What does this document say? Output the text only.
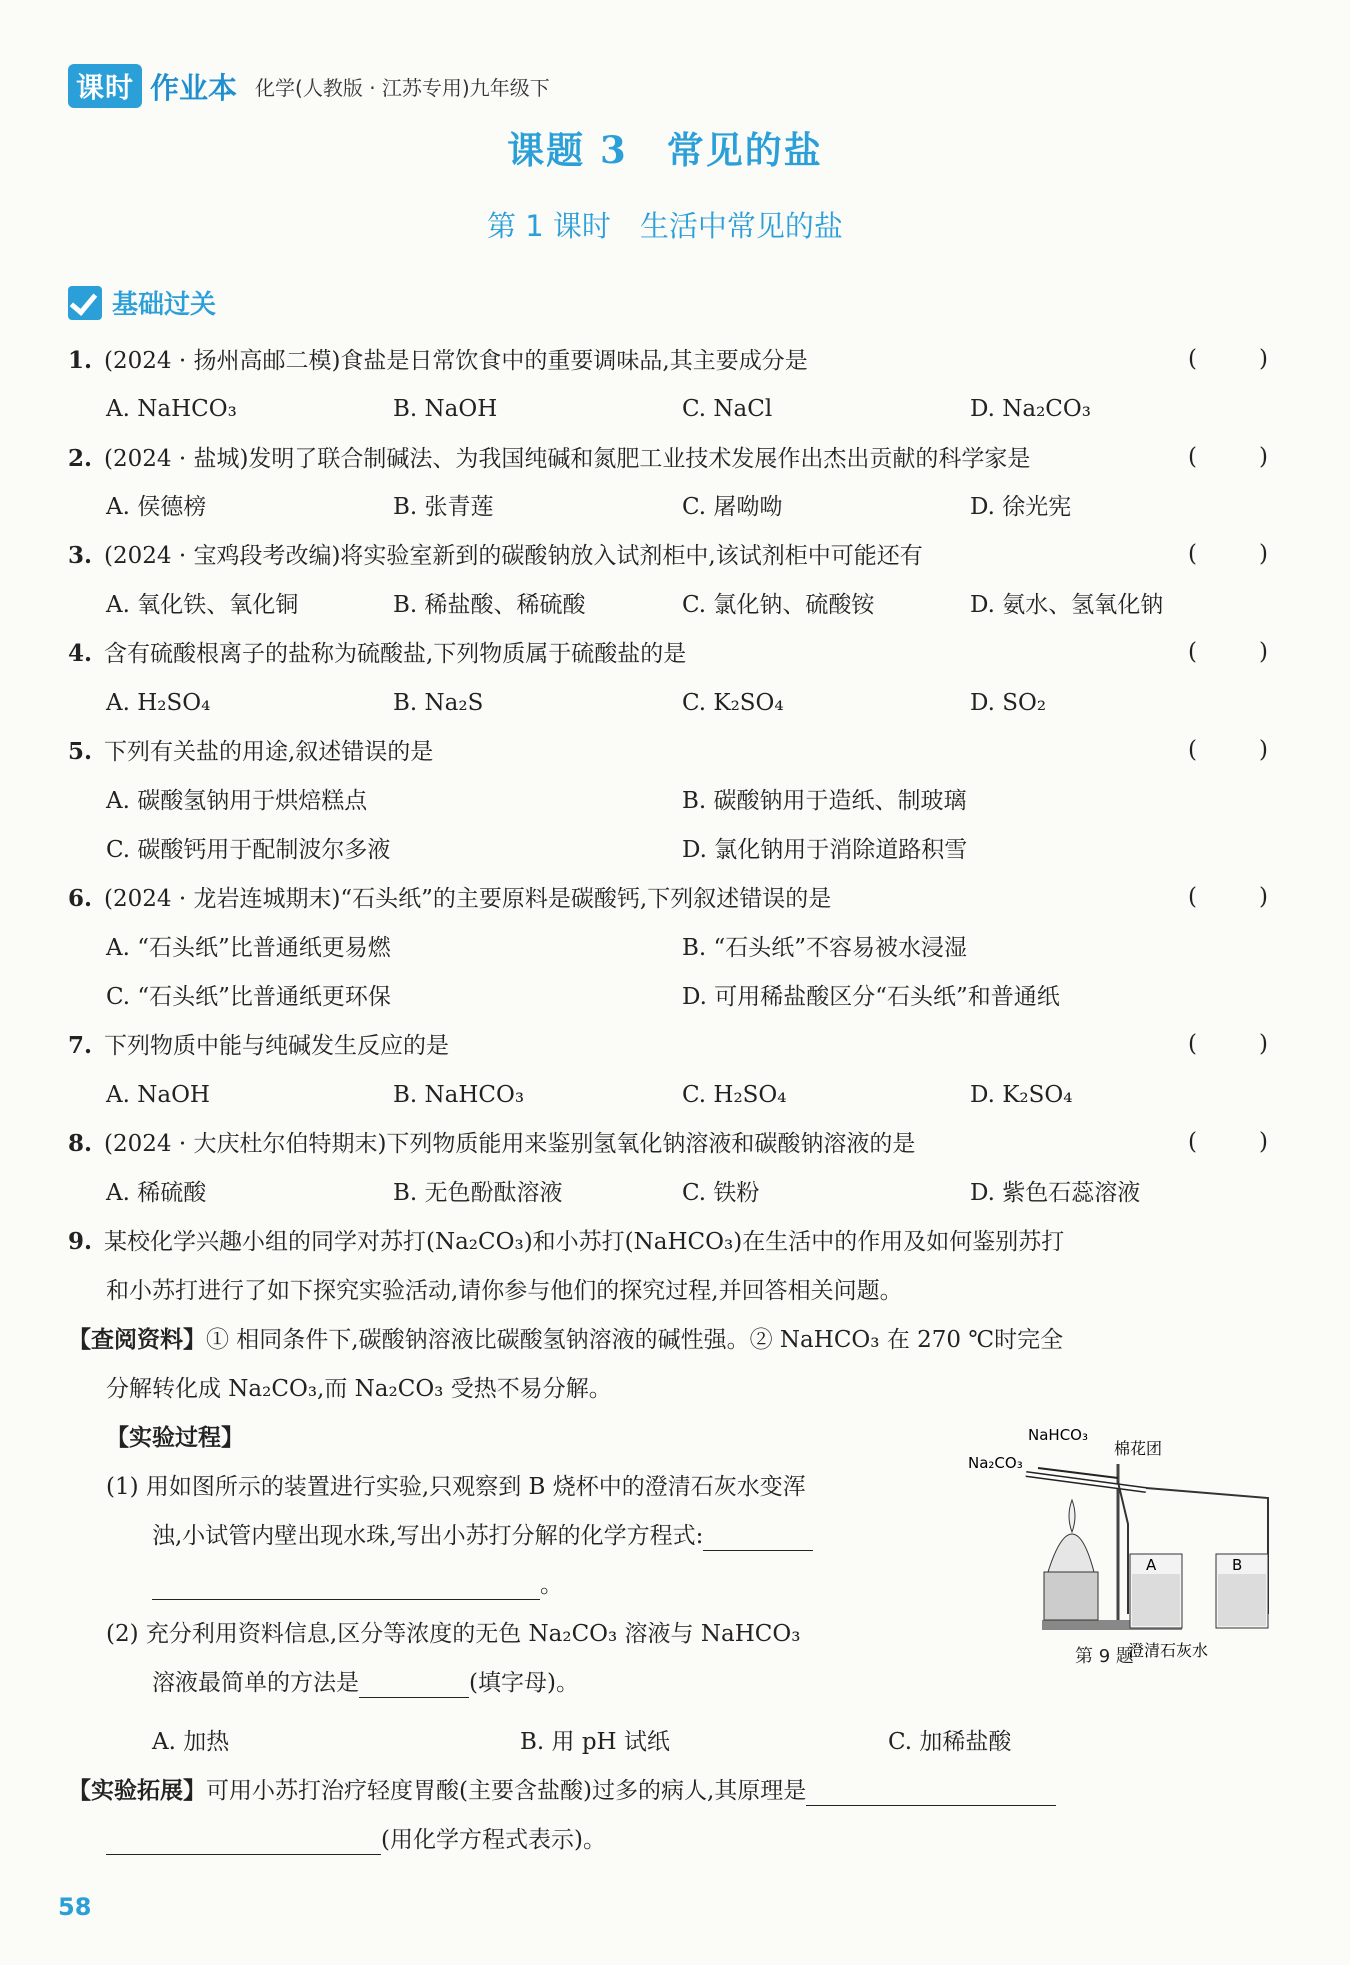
课时 作业本 化学(人教版 · 江苏专用)九年级下
课题 3　常见的盐
第 1 课时　生活中常见的盐
基础过关
1. (2024 · 扬州高邮二模)食盐是日常饮食中的重要调味品,其主要成分是
A. NaHCO₃	B. NaOH	C. NaCl	D. Na₂CO₃
2. (2024 · 盐城)发明了联合制碱法、为我国纯碱和氮肥工业技术发展作出杰出贡献的科学家是
A. 侯德榜	B. 张青莲	C. 屠呦呦	D. 徐光宪
3. (2024 · 宝鸡段考改编)将实验室新到的碳酸钠放入试剂柜中,该试剂柜中可能还有
A. 氧化铁、氧化铜	B. 稀盐酸、稀硫酸	C. 氯化钠、硫酸铵	D. 氨水、氢氧化钠
4. 含有硫酸根离子的盐称为硫酸盐,下列物质属于硫酸盐的是
A. H₂SO₄	B. Na₂S	C. K₂SO₄	D. SO₂
5. 下列有关盐的用途,叙述错误的是
A. 碳酸氢钠用于烘焙糕点	B. 碳酸钠用于造纸、制玻璃
C. 碳酸钙用于配制波尔多液	D. 氯化钠用于消除道路积雪
6. (2024 · 龙岩连城期末)“石头纸”的主要原料是碳酸钙,下列叙述错误的是
A. “石头纸”比普通纸更易燃	B. “石头纸”不容易被水浸湿
C. “石头纸”比普通纸更环保	D. 可用稀盐酸区分“石头纸”和普通纸
7. 下列物质中能与纯碱发生反应的是
A. NaOH	B. NaHCO₃	C. H₂SO₄	D. K₂SO₄
8. (2024 · 大庆杜尔伯特期末)下列物质能用来鉴别氢氧化钠溶液和碳酸钠溶液的是
A. 稀硫酸	B. 无色酚酞溶液	C. 铁粉	D. 紫色石蕊溶液
9. 某校化学兴趣小组的同学对苏打(Na₂CO₃)和小苏打(NaHCO₃)在生活中的作用及如何鉴别苏打
和小苏打进行了如下探究实验活动,请你参与他们的探究过程,并回答相关问题。
【查阅资料】① 相同条件下,碳酸钠溶液比碳酸氢钠溶液的碱性强。② NaHCO₃ 在 270 ℃时完全
分解转化成 Na₂CO₃,而 Na₂CO₃ 受热不易分解。
【实验过程】
(1) 用如图所示的装置进行实验,只观察到 B 烧杯中的澄清石灰水变浑
浊,小试管内壁出现水珠,写出小苏打分解的化学方程式:
。
(2) 充分利用资料信息,区分等浓度的无色 Na₂CO₃ 溶液与 NaHCO₃
溶液最简单的方法是	(填字母)。
A. 加热	B. 用 pH 试纸	C. 加稀盐酸
【实验拓展】可用小苏打治疗轻度胃酸(主要含盐酸)过多的病人,其原理是
(用化学方程式表示)。
A	B
NaHCO₃
Na₂CO₃
棉花团
澄清石灰水
第 9 题
58
